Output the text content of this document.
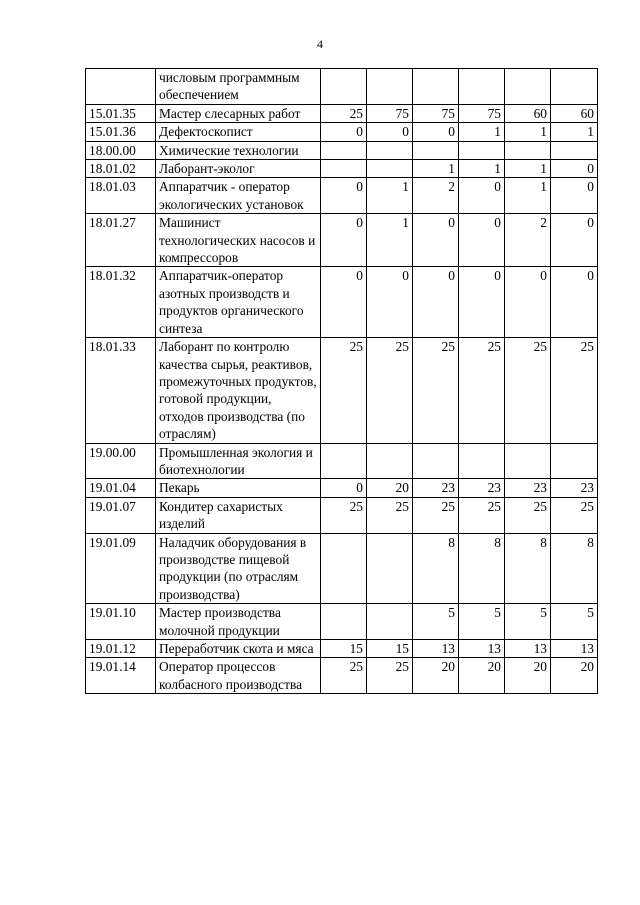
4
	числовым программным обеспечением						
15.01.35	Мастер слесарных работ	25	75	75	75	60	60
15.01.36	Дефектоскопист	0	0	0	1	1	1
18.00.00	Химические технологии						
18.01.02	Лаборант-эколог			1	1	1	0
18.01.03	Аппаратчик - оператор экологических установок	0	1	2	0	1	0
18.01.27	Машинист технологических насосов и компрессоров	0	1	0	0	2	0
18.01.32	Аппаратчик-оператор азотных производств и продуктов органического синтеза	0	0	0	0	0	0
18.01.33	Лаборант по контролю качества сырья, реактивов, промежуточных продуктов, готовой продукции, отходов производства (по отраслям)	25	25	25	25	25	25
19.00.00	Промышленная экология и биотехнологии						
19.01.04	Пекарь	0	20	23	23	23	23
19.01.07	Кондитер сахаристых изделий	25	25	25	25	25	25
19.01.09	Наладчик оборудования в производстве пищевой продукции (по отраслям производства)			8	8	8	8
19.01.10	Мастер производства молочной продукции			5	5	5	5
19.01.12	Переработчик скота и мяса	15	15	13	13	13	13
19.01.14	Оператор процессов колбасного производства	25	25	20	20	20	20
